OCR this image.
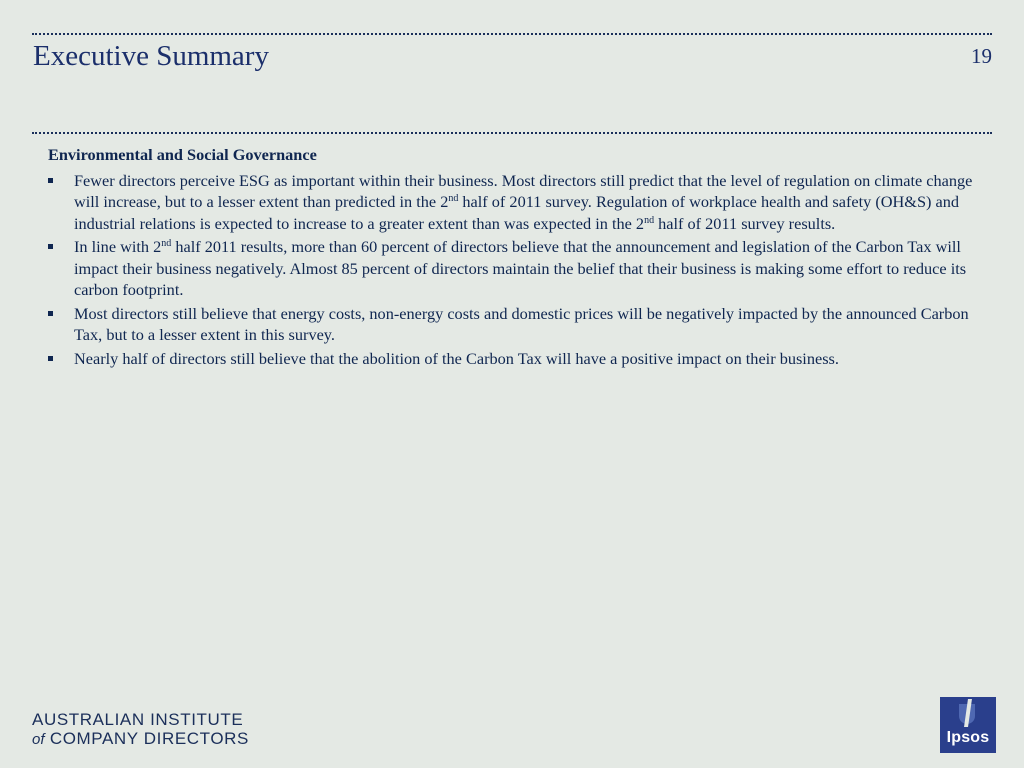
Executive Summary	19
Environmental and Social Governance
Fewer directors perceive ESG as important within their business. Most directors still predict that the level of regulation on climate change will increase, but to a lesser extent than predicted in the 2nd half of 2011 survey. Regulation of workplace health and safety (OH&S) and industrial relations is expected to increase to a greater extent than was expected in the 2nd half of 2011 survey results.
In line with 2nd half 2011 results, more than 60 percent of directors believe that the announcement and legislation of the Carbon Tax will impact their business negatively. Almost 85 percent of directors maintain the belief that their business is making some effort to reduce its carbon footprint.
Most directors still believe that energy costs, non-energy costs and domestic prices will be negatively impacted by the announced Carbon Tax, but to a lesser extent in this survey.
Nearly half of directors still believe that the abolition of the Carbon Tax will have a positive impact on their business.
AUSTRALIAN INSTITUTE
of COMPANY DIRECTORS	Ipsos
